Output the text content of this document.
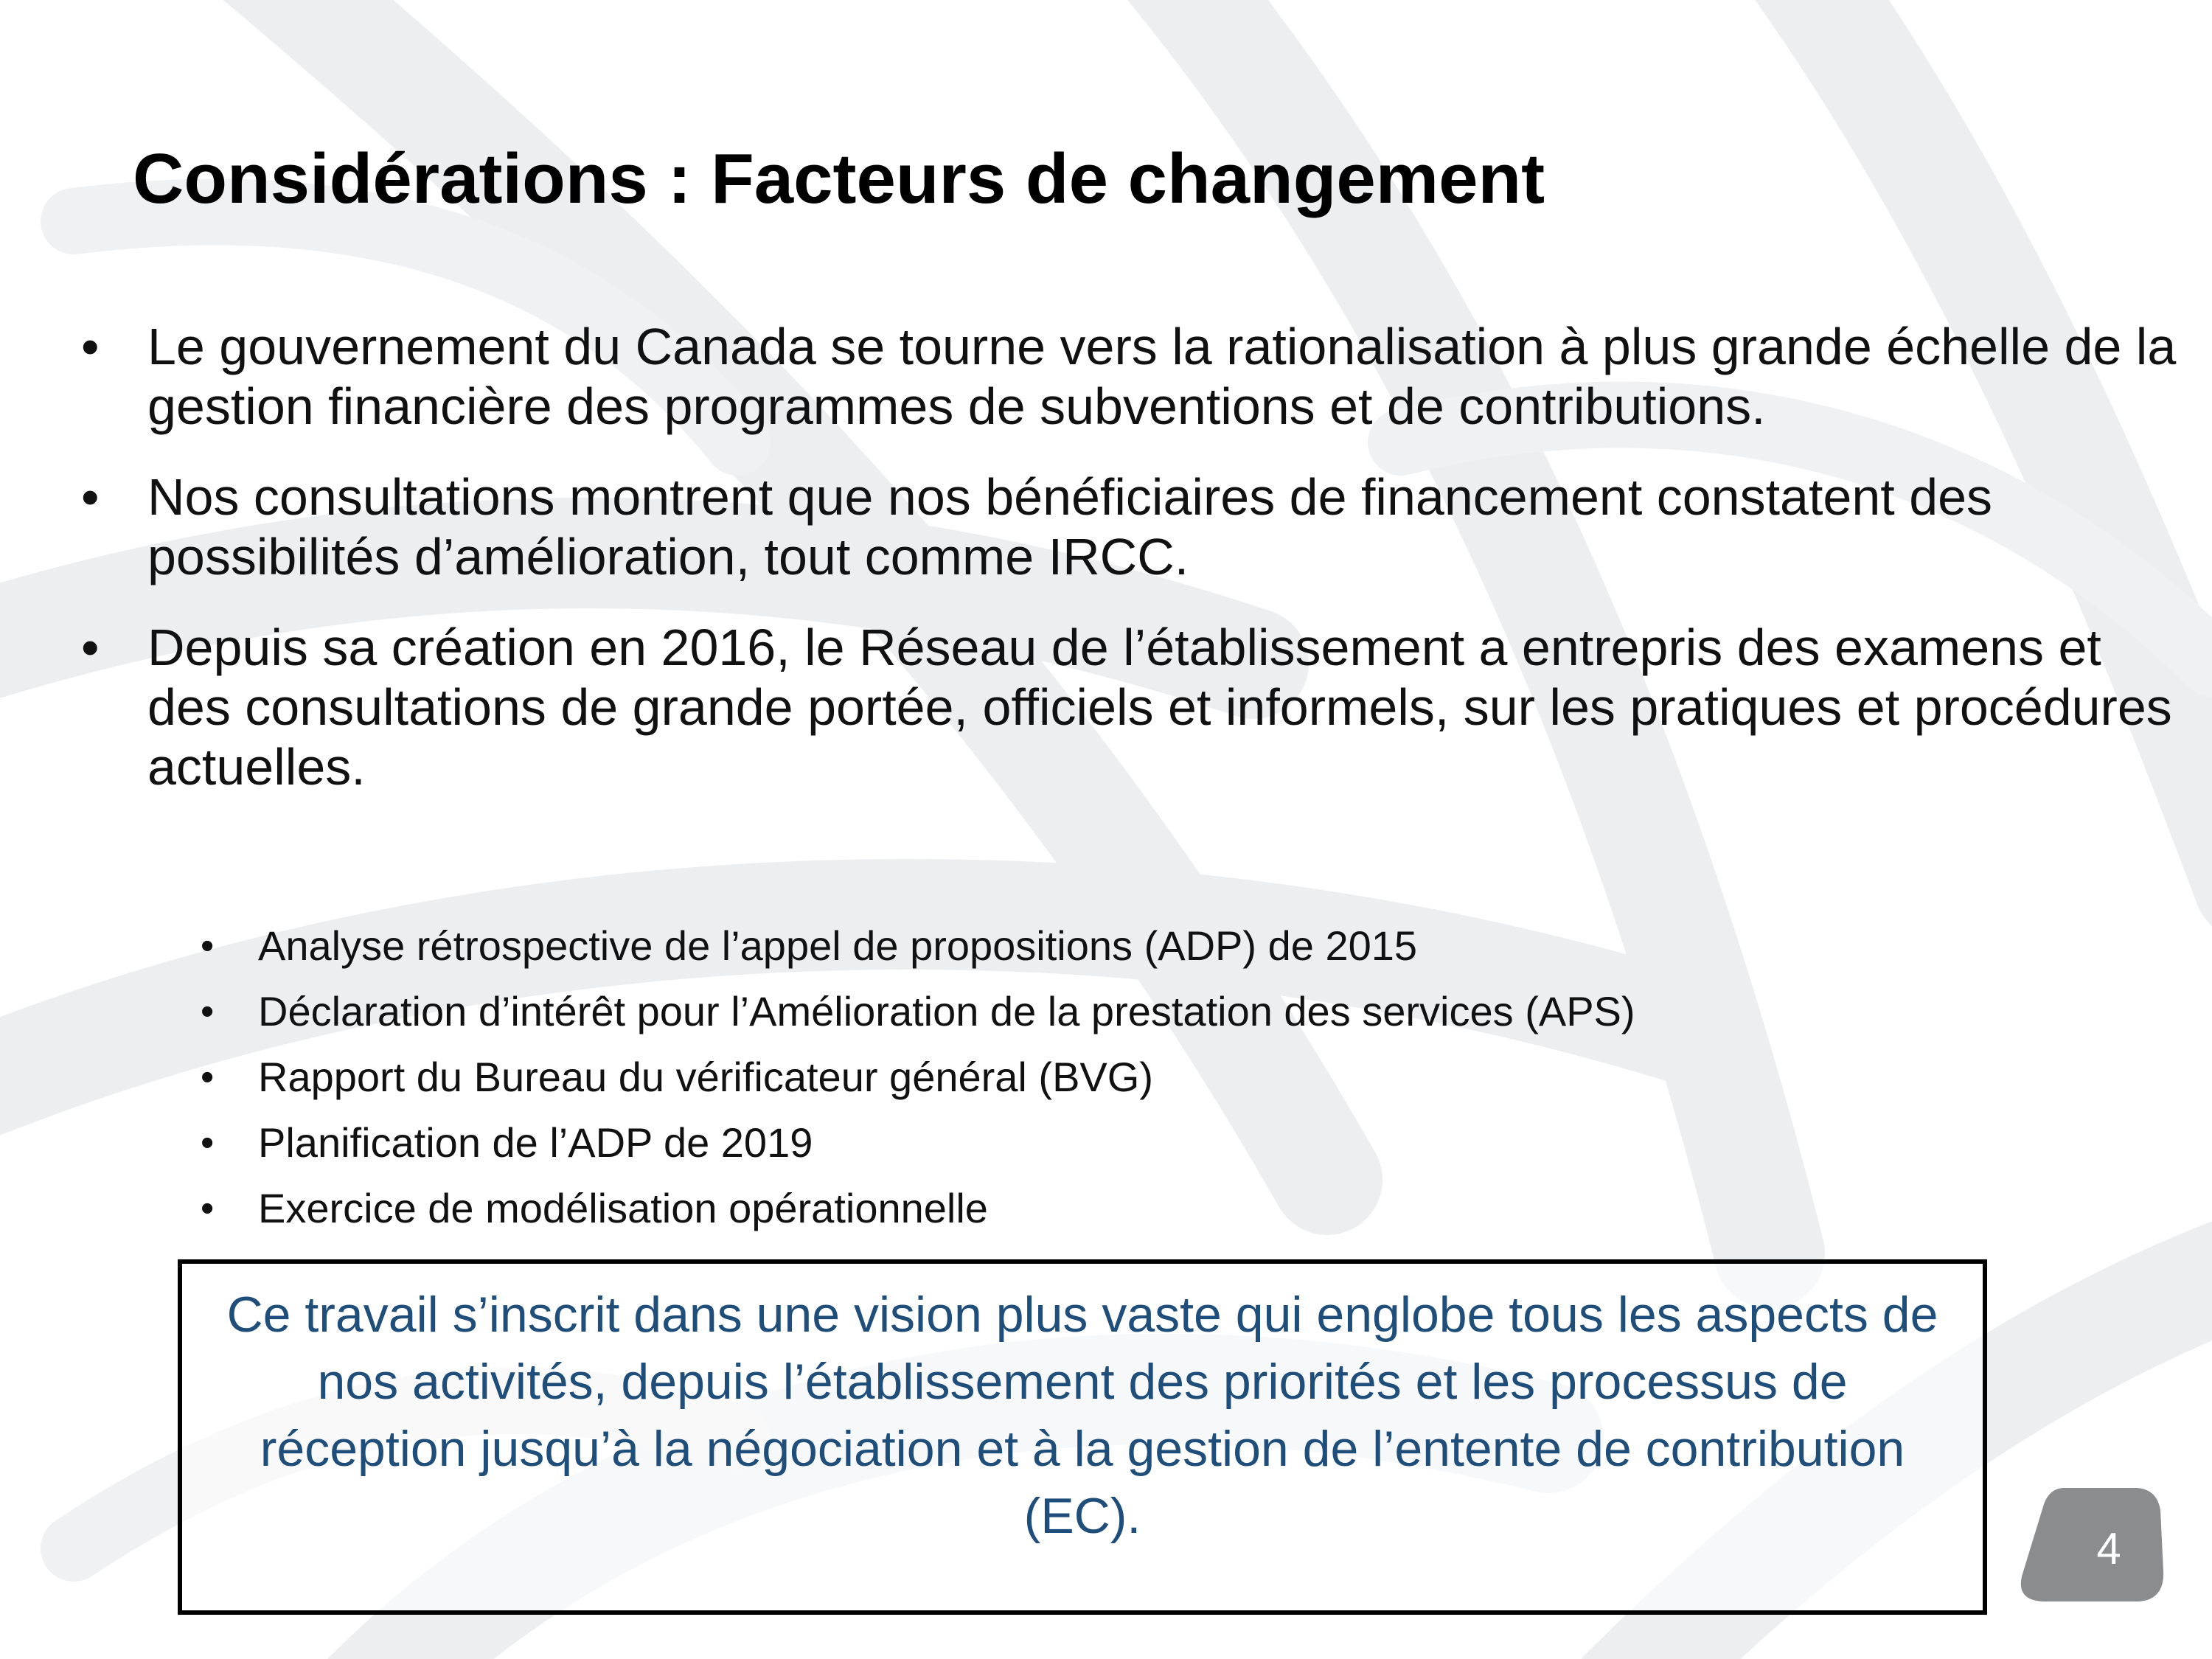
Considérations : Facteurs de changement
• Le gouvernement du Canada se tourne vers la rationalisation à plus grande échelle de la gestion financière des programmes de subventions et de contributions.
• Nos consultations montrent que nos bénéficiaires de financement constatent des possibilités d’amélioration, tout comme IRCC.
• Depuis sa création en 2016, le Réseau de l’établissement a entrepris des examens et des consultations de grande portée, officiels et informels, sur les pratiques et procédures actuelles.
• Analyse rétrospective de l’appel de propositions (ADP) de 2015
• Déclaration d’intérêt pour l’Amélioration de la prestation des services (APS)
• Rapport du Bureau du vérificateur général (BVG)
• Planification de l’ADP de 2019
• Exercice de modélisation opérationnelle

Ce travail s’inscrit dans une vision plus vaste qui englobe tous les aspects de nos activités, depuis l’établissement des priorités et les processus de réception jusqu’à la négociation et à la gestion de l’entente de contribution (EC).

4
